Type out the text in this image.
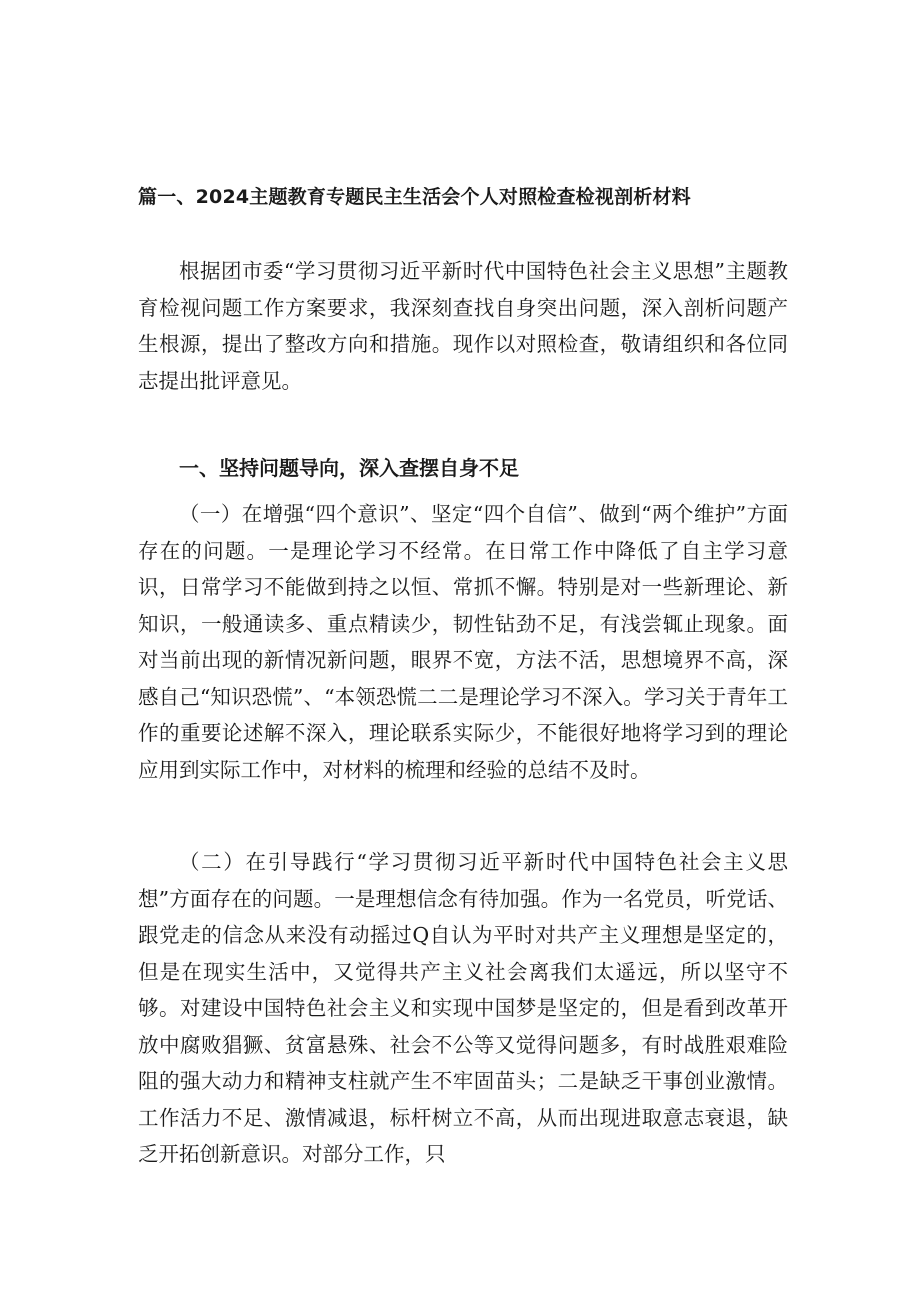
篇一、2024主题教育专题民主生活会个人对照检查检视剖析材料

根据团市委“学习贯彻习近平新时代中国特色社会主义思想”主题教育检视问题工作方案要求，我深刻查找自身突出问题，深入剖析问题产生根源，提出了整改方向和措施。现作以对照检查，敬请组织和各位同志提出批评意见。

一、坚持问题导向，深入查摆自身不足

（一）在增强“四个意识”、坚定“四个自信”、做到“两个维护”方面存在的问题。一是理论学习不经常。在日常工作中降低了自主学习意识，日常学习不能做到持之以恒、常抓不懈。特别是对一些新理论、新知识，一般通读多、重点精读少，韧性钻劲不足，有浅尝辄止现象。面对当前出现的新情况新问题，眼界不宽，方法不活，思想境界不高，深感自己“知识恐慌”、“本领恐慌二二是理论学习不深入。学习关于青年工作的重要论述解不深入，理论联系实际少，不能很好地将学习到的理论应用到实际工作中，对材料的梳理和经验的总结不及时。

（二）在引导践行“学习贯彻习近平新时代中国特色社会主义思想”方面存在的问题。一是理想信念有待加强。作为一名党员，听党话、跟党走的信念从来没有动摇过Q自认为平时对共产主义理想是坚定的，但是在现实生活中，又觉得共产主义社会离我们太遥远，所以坚守不够。对建设中国特色社会主义和实现中国梦是坚定的，但是看到改革开放中腐败猖獗、贫富悬殊、社会不公等又觉得问题多，有时战胜艰难险阻的强大动力和精神支柱就产生不牢固苗头；二是缺乏干事创业激情。工作活力不足、激情减退，标杆树立不高，从而出现进取意志衰退，缺乏开拓创新意识。对部分工作，只
